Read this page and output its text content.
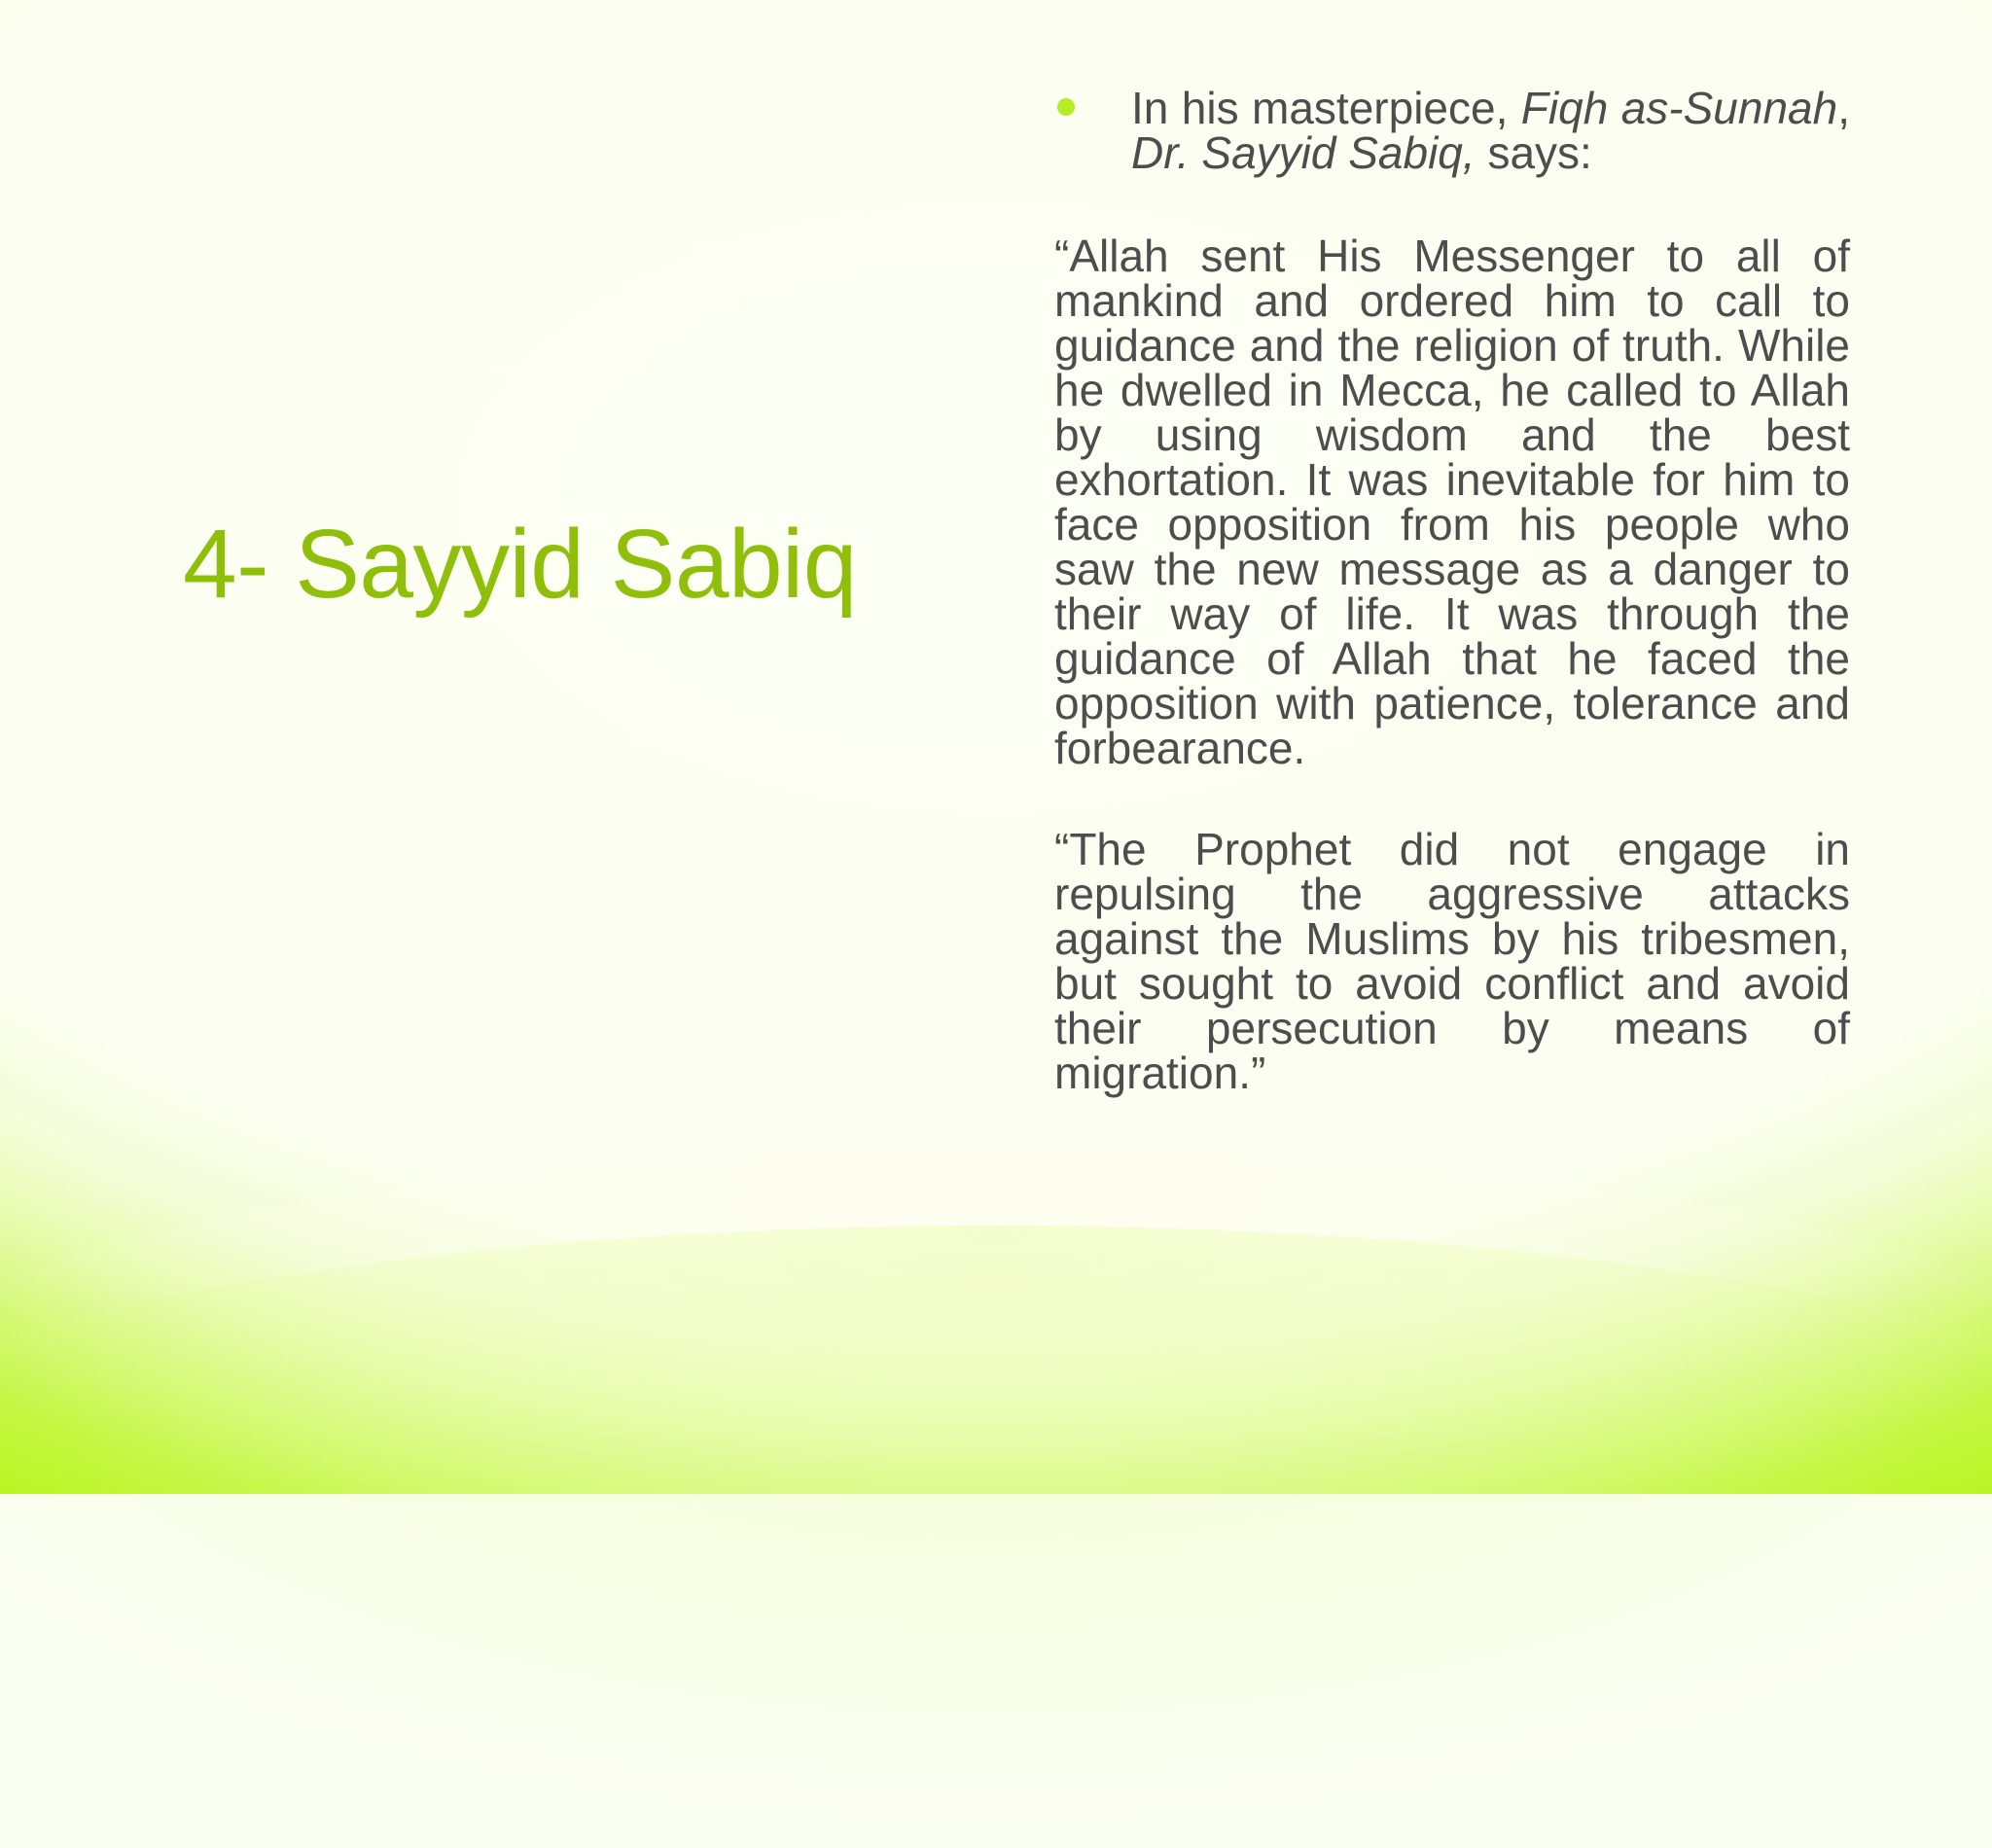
4- Sayyid Sabiq
In his masterpiece, Fiqh as-Sunnah, Dr. Sayyid Sabiq, says:

“Allah sent His Messenger to all of mankind and ordered him to call to guidance and the religion of truth. While he dwelled in Mecca, he called to Allah by using wisdom and the best exhortation. It was inevitable for him to face opposition from his people who saw the new message as a danger to their way of life. It was through the guidance of Allah that he faced the opposition with patience, tolerance and forbearance.

“The Prophet did not engage in repulsing the aggressive attacks against the Muslims by his tribesmen, but sought to avoid conflict and avoid their persecution by means of migration.”
